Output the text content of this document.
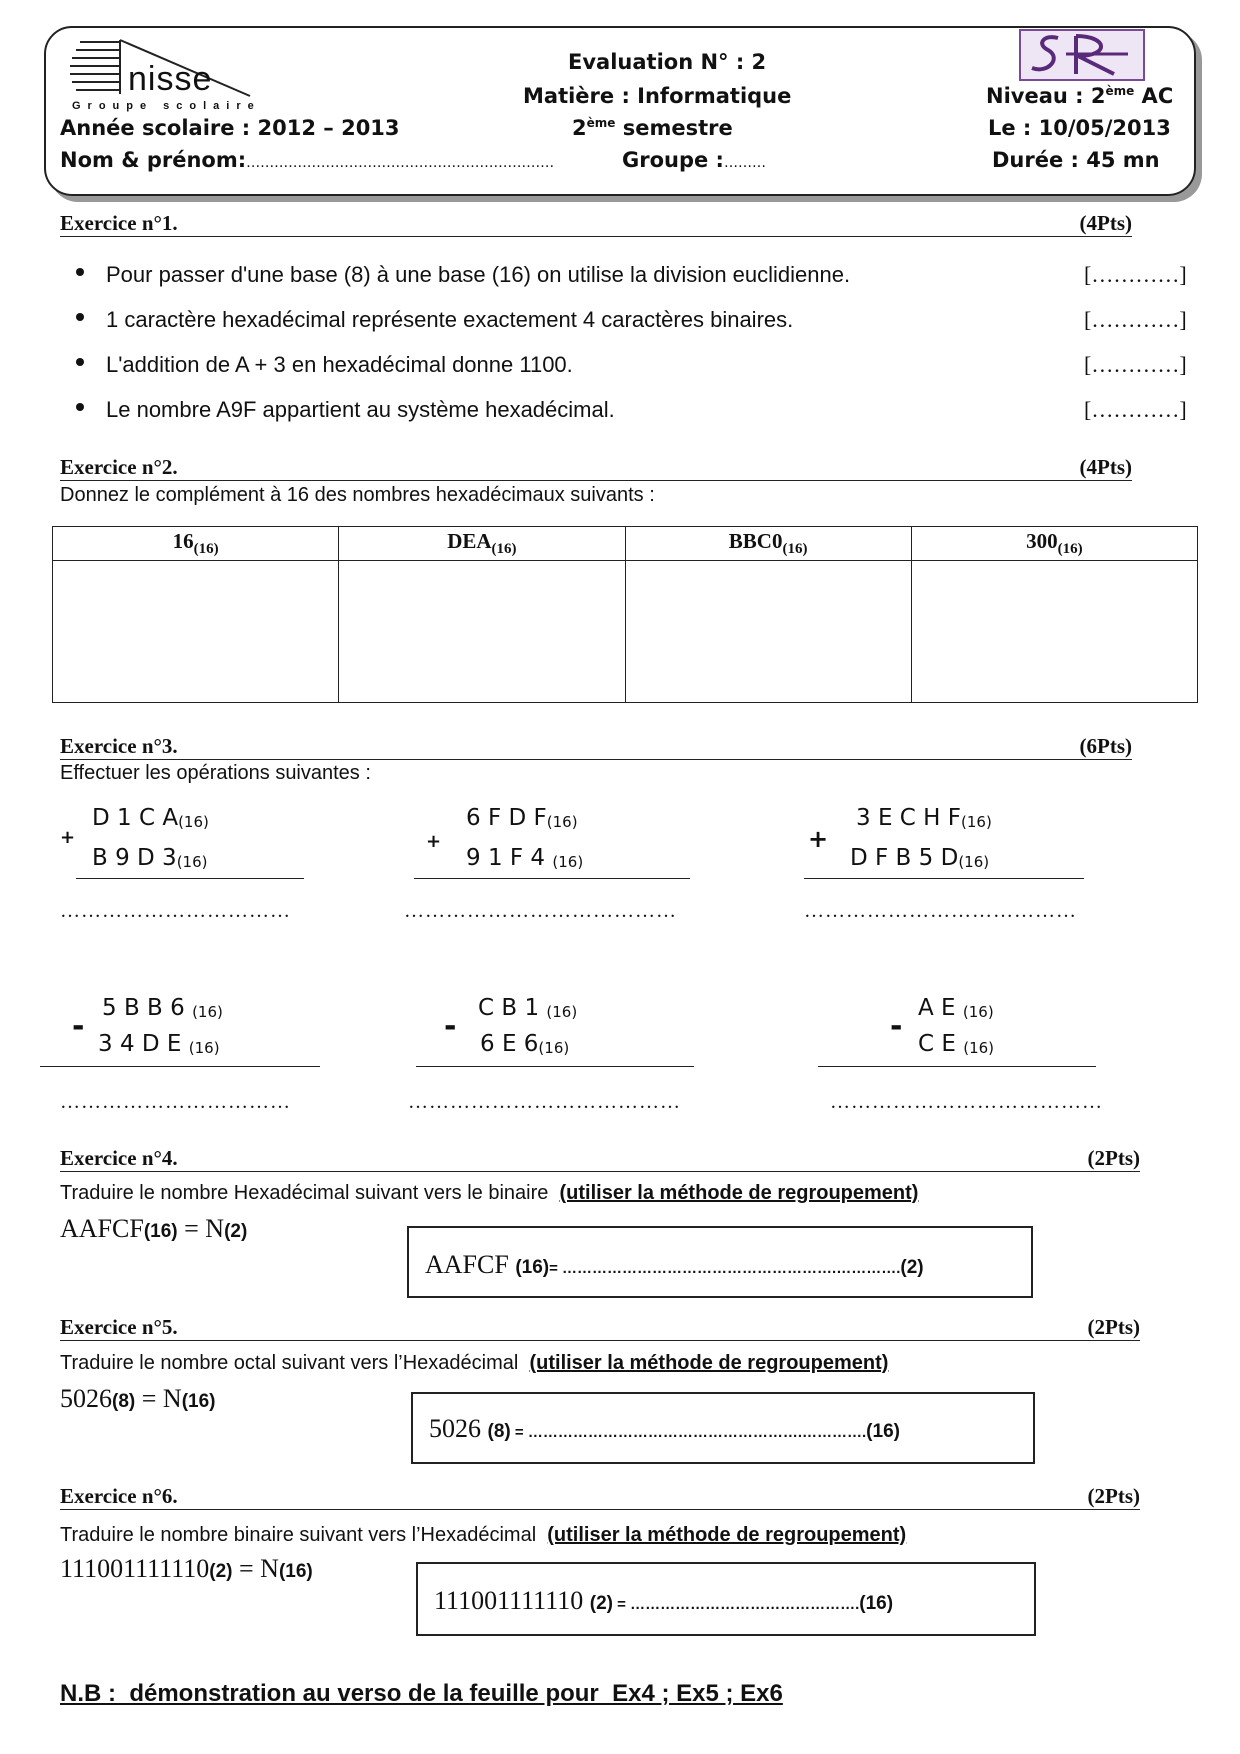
nisse
Groupe scolaire
Evaluation N° : 2
Matière : Informatique
2ème semestre
Année scolaire : 2012 – 2013
Nom & prénom:…………………………………………………………	Groupe :………
Niveau : 2ème AC
Le : 10/05/2013
Durée : 45 mn
Exercice n°1.	(4Pts)
Pour passer d'une base (8) à une base (16) on utilise la division euclidienne.	[…………]
1 caractère hexadécimal représente exactement 4 caractères binaires.	[…………]
L'addition de A + 3 en hexadécimal donne 1100.	[…………]
Le nombre A9F appartient au système hexadécimal.	[…………]
Exercice n°2.	(4Pts)
Donnez le complément à 16 des nombres hexadécimaux suivants :
$16_{(16)}$	$DEA_{(16)}$	$BBC0_{(16)}$	$300_{(16)}$

Exercice n°3.	(6Pts)
Effectuer les opérations suivantes :
+
D 1 C $A_{(16)}$
B 9 D $3_{(16)}$
……………………………
+
6 F D $F_{(16)}$
9 1 F 4 $_{(16)}$
…………………………………
+
3 E C H $F_{(16)}$
D F B 5 $D_{(16)}$
…………………………………
-
5 B B 6 $_{(16)}$
3 4 D E $_{(16)}$
……………………………
-
C B 1 $_{(16)}$
6 E $6_{(16)}$
…………………………………
-
A E $_{(16)}$
C E $_{(16)}$
…………………………………
Exercice n°4.	(2Pts)
Traduire le nombre Hexadécimal suivant vers le binaire (utiliser la méthode de regroupement)
AAFCF(16) = N(2)
AAFCF (16)= ……………………………………………….………….(2)
Exercice n°5.	(2Pts)
Traduire le nombre octal suivant vers l’Hexadécimal (utiliser la méthode de regroupement)
5026(8) = N(16)
5026 (8) = ……………………………………………….………….(16)
Exercice n°6.	(2Pts)
Traduire le nombre binaire suivant vers l’Hexadécimal (utiliser la méthode de regroupement)
111001111110(2) = N(16)
111001111110 (2) = ……………………………………….(16)
N.B :  démonstration au verso de la feuille pour  Ex4 ; Ex5 ; Ex6
